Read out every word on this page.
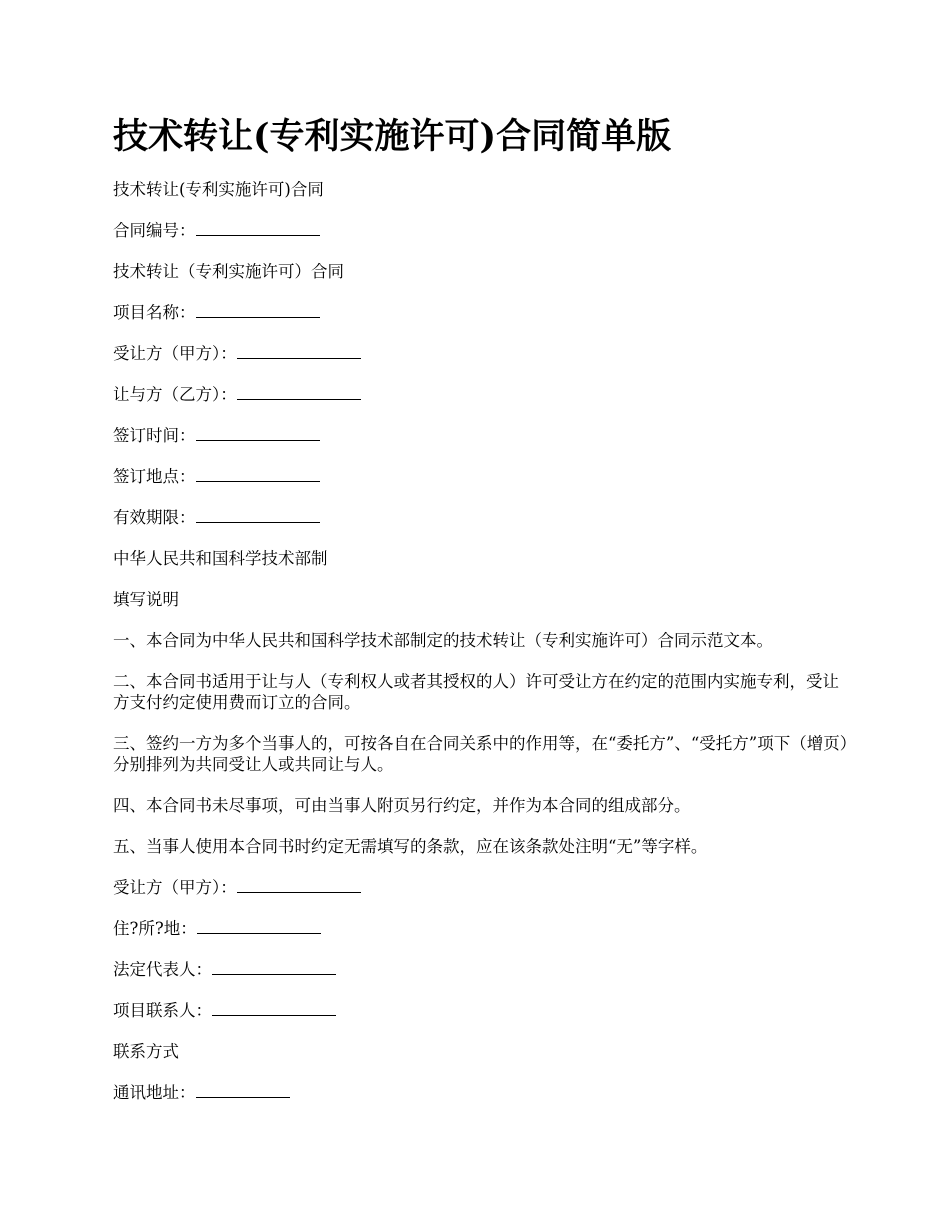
技术转让(专利实施许可)合同简单版

技术转让(专利实施许可)合同

合同编号：

技术转让（专利实施许可）合同

项目名称：

受让方（甲方）：

让与方（乙方）：

签订时间：

签订地点：

有效期限：

中华人民共和国科学技术部制

填写说明

一、本合同为中华人民共和国科学技术部制定的技术转让（专利实施许可）合同示范文本。

二、本合同书适用于让与人（专利权人或者其授权的人）许可受让方在约定的范围内实施专利，受让方支付约定使用费而订立的合同。

三、签约一方为多个当事人的，可按各自在合同关系中的作用等，在“委托方”、“受托方”项下（增页）分别排列为共同受让人或共同让与人。

四、本合同书未尽事项，可由当事人附页另行约定，并作为本合同的组成部分。

五、当事人使用本合同书时约定无需填写的条款，应在该条款处注明“无”等字样。

受让方（甲方）：

住?所?地：

法定代表人：

项目联系人：

联系方式

通讯地址：
